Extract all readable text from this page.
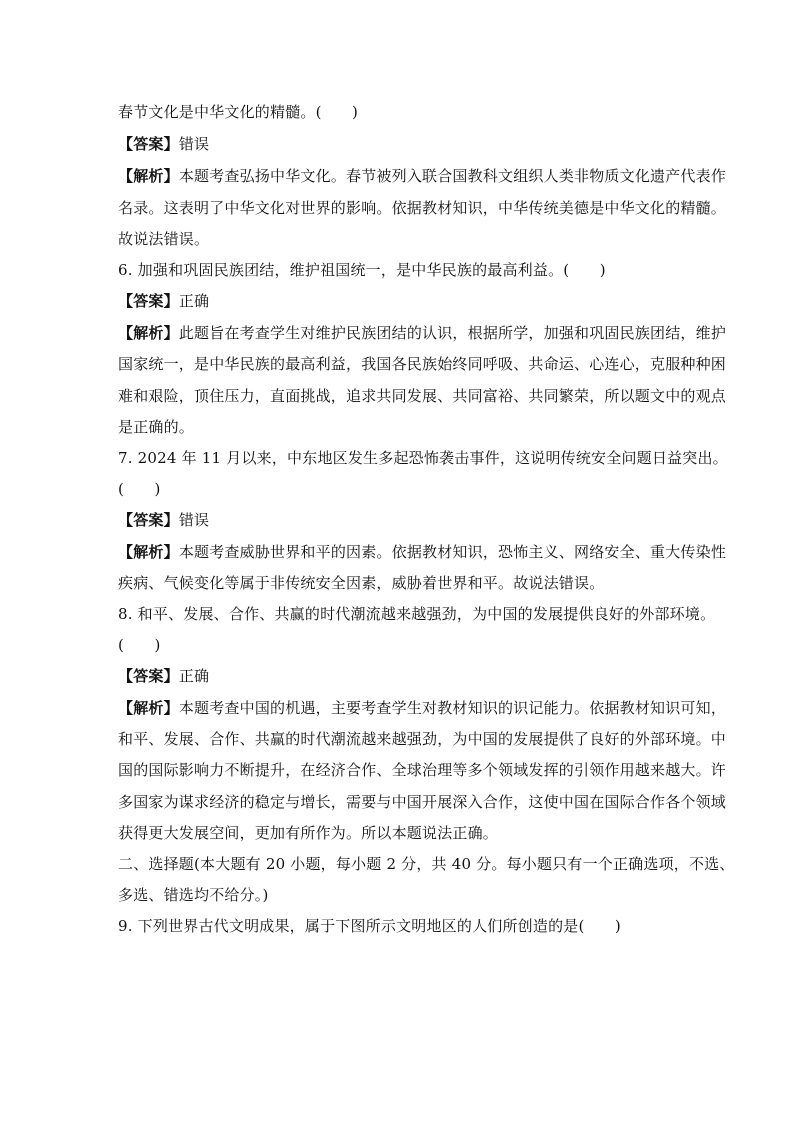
春节文化是中华文化的精髓。(　　)
【答案】错误
【解析】本题考查弘扬中华文化。春节被列入联合国教科文组织人类非物质文化遗产代表作
名录。这表明了中华文化对世界的影响。依据教材知识，中华传统美德是中华文化的精髓。
故说法错误。
6. 加强和巩固民族团结，维护祖国统一，是中华民族的最高利益。(　　)
【答案】正确
【解析】此题旨在考查学生对维护民族团结的认识，根据所学，加强和巩固民族团结，维护
国家统一，是中华民族的最高利益，我国各民族始终同呼吸、共命运、心连心，克服种种困
难和艰险，顶住压力，直面挑战，追求共同发展、共同富裕、共同繁荣，所以题文中的观点
是正确的。
7. 2024 年 11 月以来，中东地区发生多起恐怖袭击事件，这说明传统安全问题日益突出。
(　　)
【答案】错误
【解析】本题考查威胁世界和平的因素。依据教材知识，恐怖主义、网络安全、重大传染性
疾病、气候变化等属于非传统安全因素，威胁着世界和平。故说法错误。
8. 和平、发展、合作、共赢的时代潮流越来越强劲，为中国的发展提供良好的外部环境。
(　　)
【答案】正确
【解析】本题考查中国的机遇，主要考查学生对教材知识的识记能力。依据教材知识可知，
和平、发展、合作、共赢的时代潮流越来越强劲，为中国的发展提供了良好的外部环境。中
国的国际影响力不断提升，在经济合作、全球治理等多个领域发挥的引领作用越来越大。许
多国家为谋求经济的稳定与增长，需要与中国开展深入合作，这使中国在国际合作各个领域
获得更大发展空间，更加有所作为。所以本题说法正确。
二、选择题(本大题有 20 小题，每小题 2 分，共 40 分。每小题只有一个正确选项，不选、
多选、错选均不给分。)
9. 下列世界古代文明成果，属于下图所示文明地区的人们所创造的是(　　)
